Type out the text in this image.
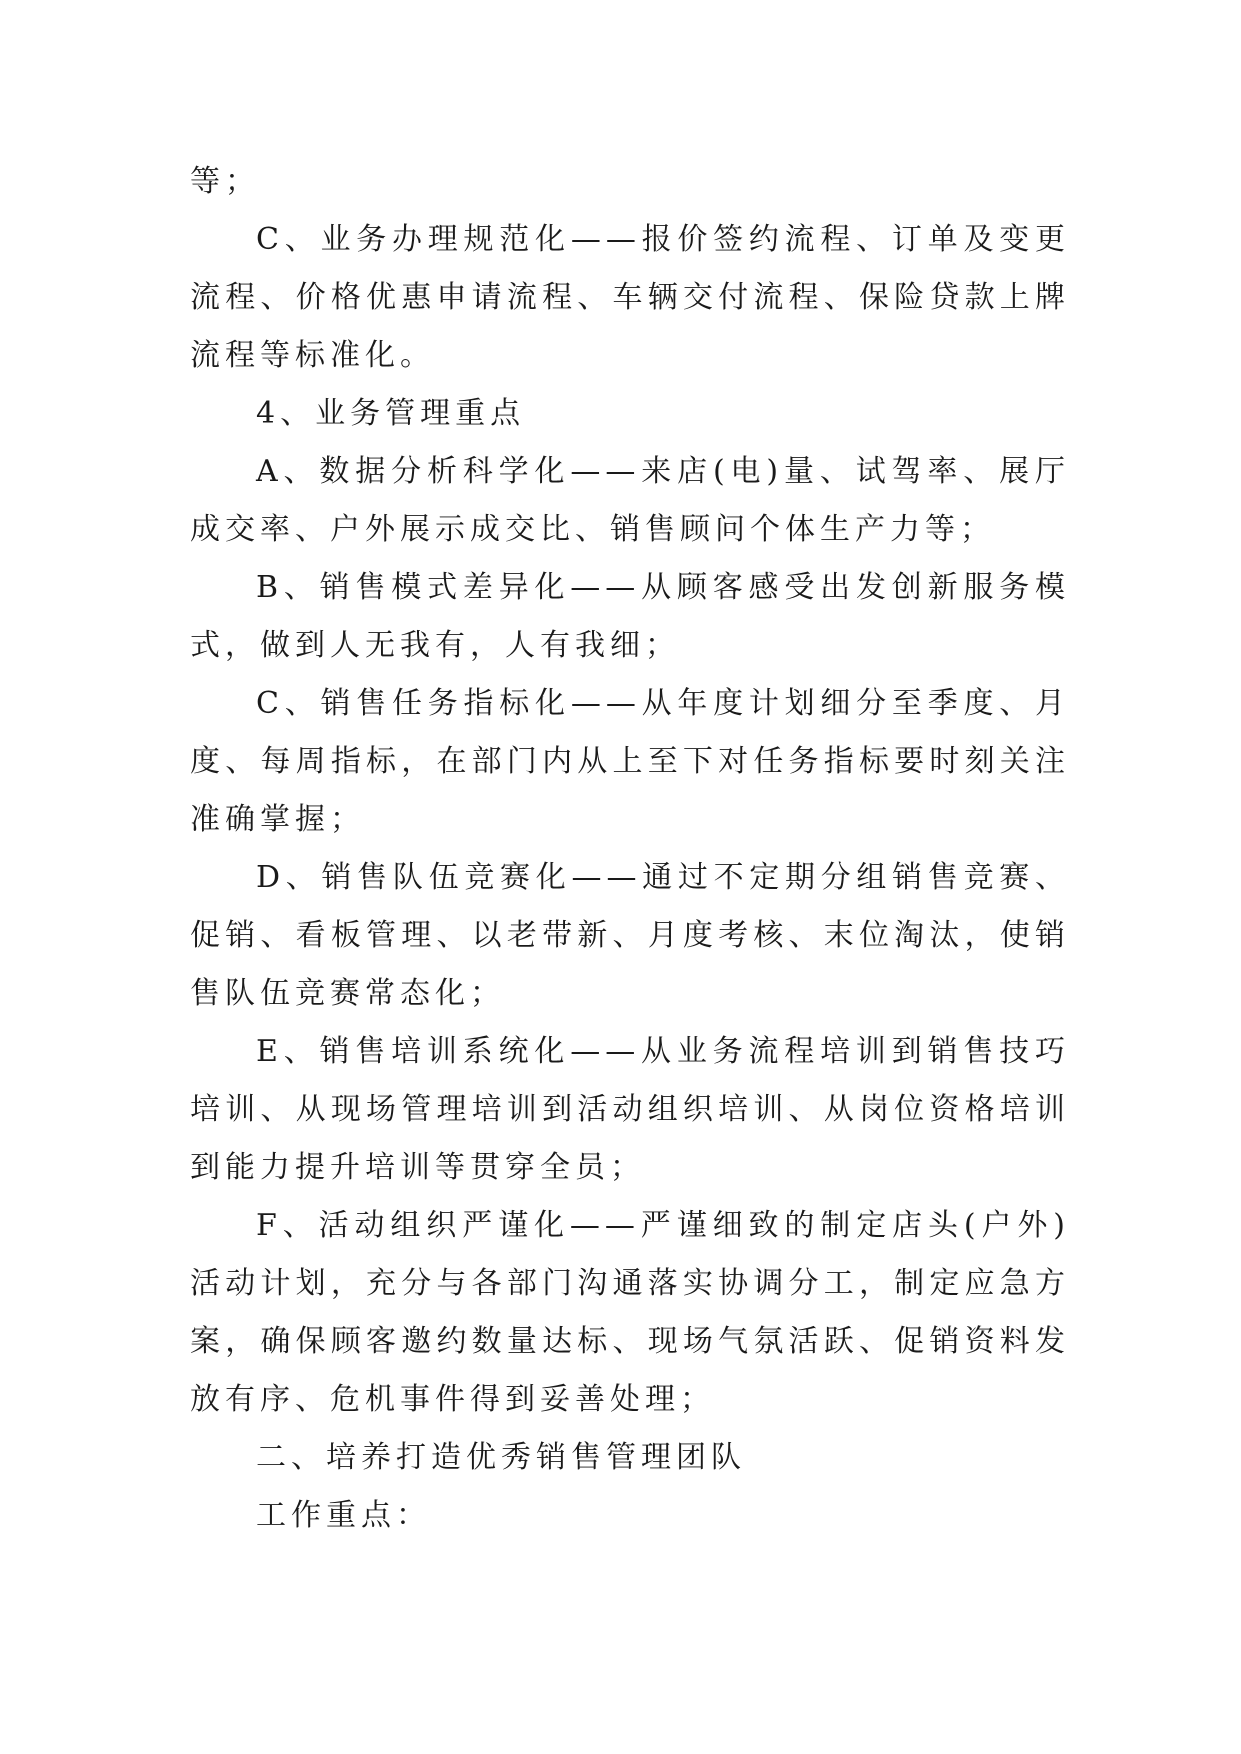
等；

C、业务办理规范化——报价签约流程、订单及变更流程、价格优惠申请流程、车辆交付流程、保险贷款上牌流程等标准化。

4、业务管理重点

A、数据分析科学化——来店(电)量、试驾率、展厅成交率、户外展示成交比、销售顾问个体生产力等；

B、销售模式差异化——从顾客感受出发创新服务模式，做到人无我有，人有我细；

C、销售任务指标化——从年度计划细分至季度、月度、每周指标，在部门内从上至下对任务指标要时刻关注准确掌握；

D、销售队伍竞赛化——通过不定期分组销售竞赛、促销、看板管理、以老带新、月度考核、末位淘汰，使销售队伍竞赛常态化；

E、销售培训系统化——从业务流程培训到销售技巧培训、从现场管理培训到活动组织培训、从岗位资格培训到能力提升培训等贯穿全员；

F、活动组织严谨化——严谨细致的制定店头(户外)活动计划，充分与各部门沟通落实协调分工，制定应急方案，确保顾客邀约数量达标、现场气氛活跃、促销资料发放有序、危机事件得到妥善处理；

二、培养打造优秀销售管理团队

工作重点：
